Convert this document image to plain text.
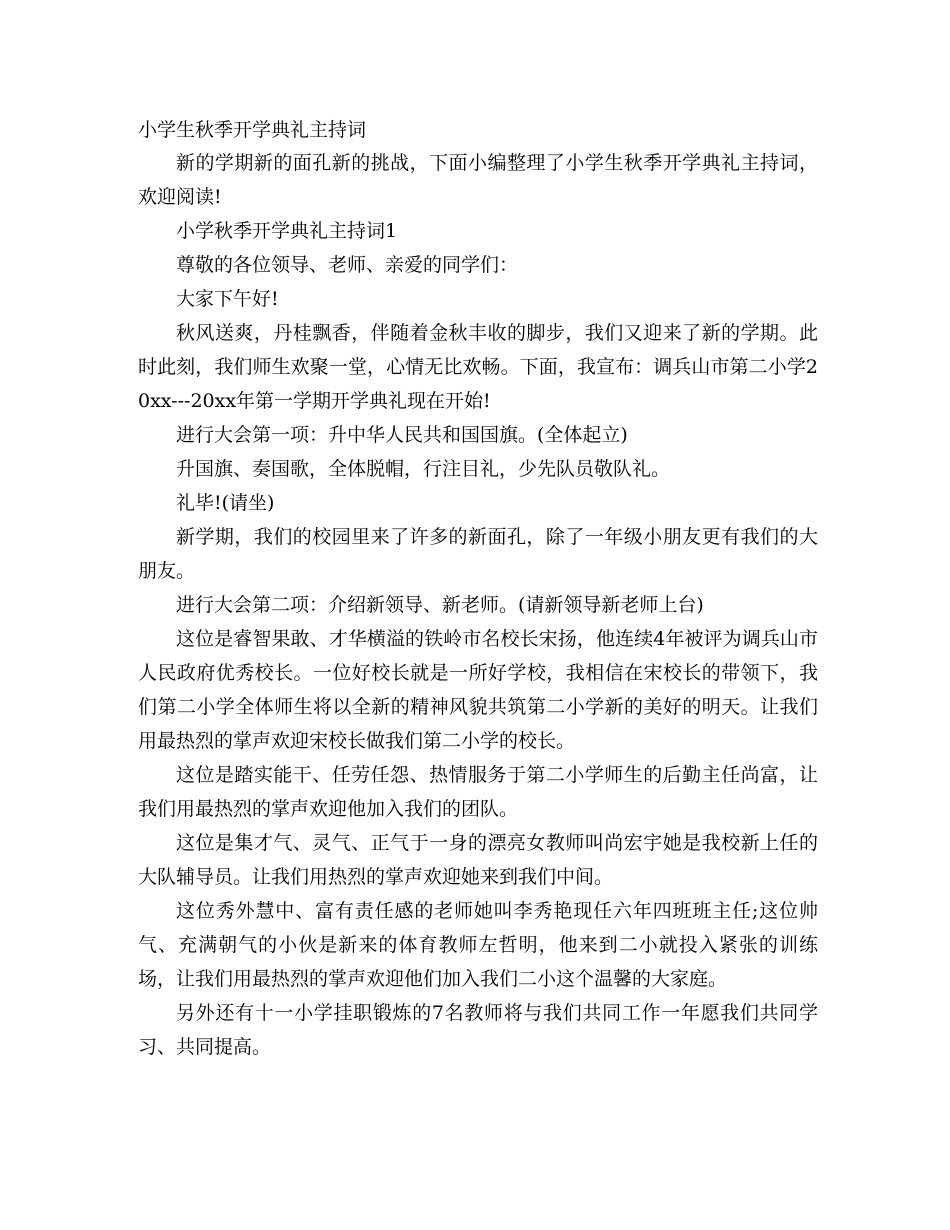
小学生秋季开学典礼主持词

新的学期新的面孔新的挑战，下面小编整理了小学生秋季开学典礼主持词，欢迎阅读!

小学秋季开学典礼主持词1

尊敬的各位领导、老师、亲爱的同学们：

大家下午好!

秋风送爽，丹桂飘香，伴随着金秋丰收的脚步，我们又迎来了新的学期。此时此刻，我们师生欢聚一堂，心情无比欢畅。下面，我宣布：调兵山市第二小学20xx---20xx年第一学期开学典礼现在开始!

进行大会第一项：升中华人民共和国国旗。(全体起立)

升国旗、奏国歌，全体脱帽，行注目礼，少先队员敬队礼。

礼毕!(请坐)

新学期，我们的校园里来了许多的新面孔，除了一年级小朋友更有我们的大朋友。

进行大会第二项：介绍新领导、新老师。(请新领导新老师上台)

这位是睿智果敢、才华横溢的铁岭市名校长宋扬，他连续4年被评为调兵山市人民政府优秀校长。一位好校长就是一所好学校，我相信在宋校长的带领下，我们第二小学全体师生将以全新的精神风貌共筑第二小学新的美好的明天。让我们用最热烈的掌声欢迎宋校长做我们第二小学的校长。

这位是踏实能干、任劳任怨、热情服务于第二小学师生的后勤主任尚富，让我们用最热烈的掌声欢迎他加入我们的团队。

这位是集才气、灵气、正气于一身的漂亮女教师叫尚宏宇她是我校新上任的大队辅导员。让我们用热烈的掌声欢迎她来到我们中间。

这位秀外慧中、富有责任感的老师她叫李秀艳现任六年四班班主任;这位帅气、充满朝气的小伙是新来的体育教师左哲明，他来到二小就投入紧张的训练场，让我们用最热烈的掌声欢迎他们加入我们二小这个温馨的大家庭。

另外还有十一小学挂职锻炼的7名教师将与我们共同工作一年愿我们共同学习、共同提高。
